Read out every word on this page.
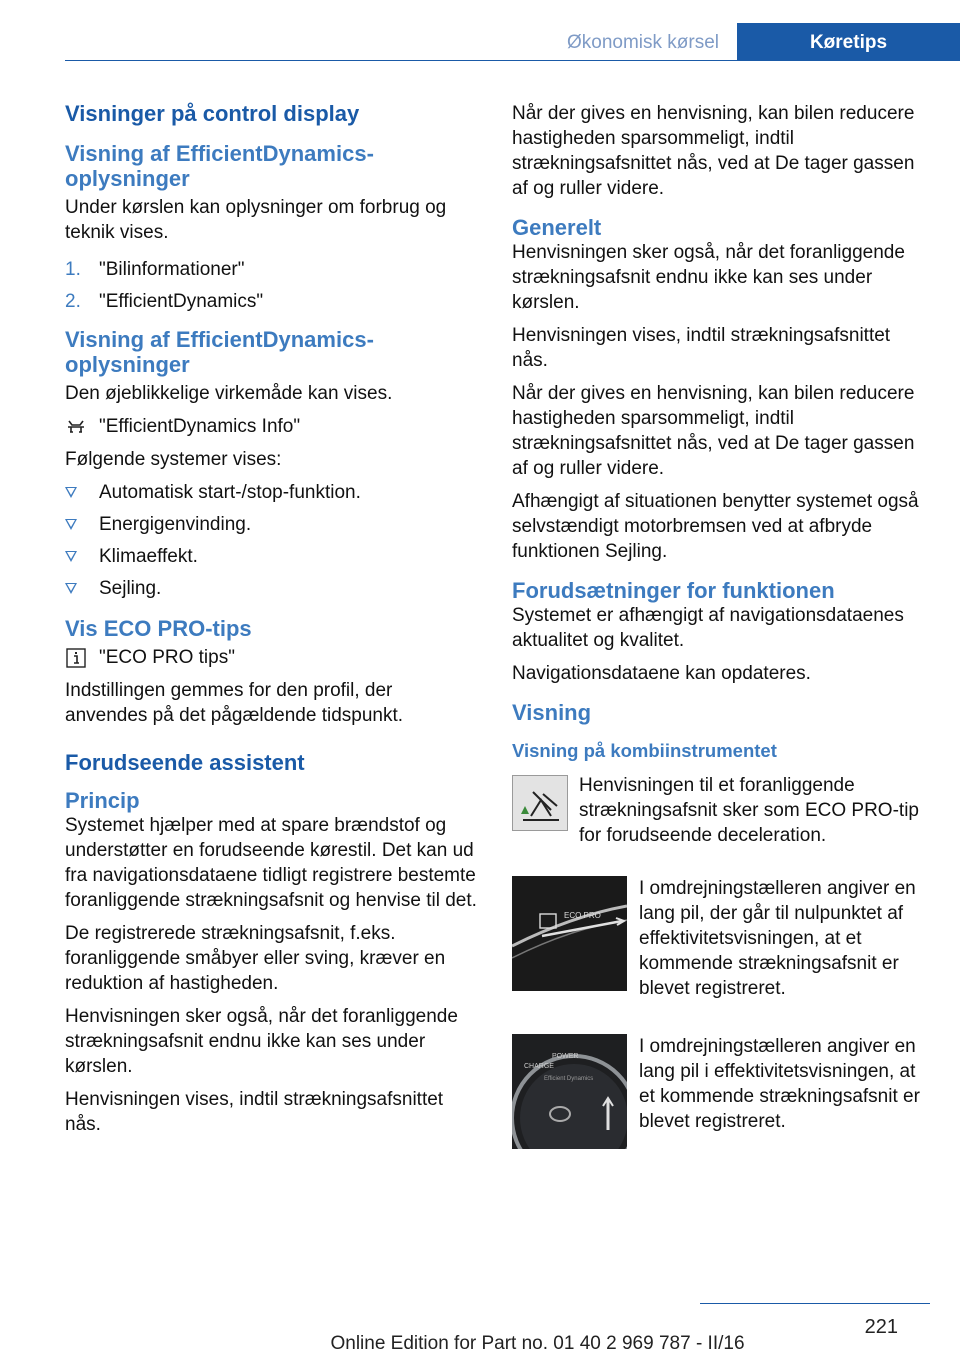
Økonomisk kørsel	Køretips
Visninger på control display
Visning af EfficientDynamics-oplysninger

Under kørslen kan oplysninger om forbrug og teknik vises.

1. "Bilinformationer"
2. "EfficientDynamics"
Visning af EfficientDynamics-oplysninger

Den øjeblikkelige virkemåde kan vises.

"EfficientDynamics Info"

Følgende systemer vises:

Automatisk start-/stop-funktion.
Energigenvinding.
Klimaeffekt.
Sejling.
Vis ECO PRO-tips
"ECO PRO tips"

Indstillingen gemmes for den profil, der anvendes på det pågældende tidspunkt.

Forudseende assistent
Princip

Systemet hjælper med at spare brændstof og understøtter en forudseende kørestil. Det kan ud fra navigationsdataene tidligt registrere bestemte foranliggende strækningsafsnit og henvise til det.

De registrerede strækningsafsnit, f.eks. foranliggende småbyer eller sving, kræver en reduktion af hastigheden.

Henvisningen sker også, når det foranliggende strækningsafsnit endnu ikke kan ses under kørslen.

Henvisningen vises, indtil strækningsafsnittet nås.

Når der gives en henvisning, kan bilen reducere hastigheden sparsommeligt, indtil strækningsafsnittet nås, ved at De tager gassen af og ruller videre.

Generelt

Henvisningen sker også, når det foranliggende strækningsafsnit endnu ikke kan ses under kørslen.

Henvisningen vises, indtil strækningsafsnittet nås.

Når der gives en henvisning, kan bilen reducere hastigheden sparsommeligt, indtil strækningsafsnittet nås, ved at De tager gassen af og ruller videre.

Afhængigt af situationen benytter systemet også selvstændigt motorbremsen ved at afbryde funktionen Sejling.

Forudsætninger for funktionen

Systemet er afhængigt af navigationsdataenes aktualitet og kvalitet.

Navigationsdataene kan opdateres.

Visning
Visning på kombiinstrumentet
Henvisningen til et foranliggende strækningsafsnit sker som ECO PRO-tip for forudseende deceleration.
ECO PRO
I omdrejningstælleren angiver en lang pil, der går til nulpunktet af effektivitetsvisningen, at et kommende strækningsafsnit er blevet registreret.
CHARGE
POWER
Efficient Dynamics
I omdrejningstælleren angiver en lang pil i effektivitetsvisningen, at et kommende strækningsafsnit er blevet registreret.
221
Online Edition for Part no. 01 40 2 969 787 - II/16
